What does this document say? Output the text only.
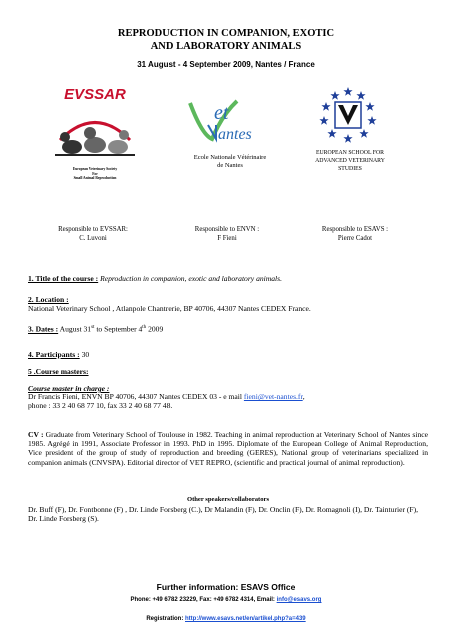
REPRODUCTION IN COMPANION, EXOTIC
AND LABORATORY ANIMALS
31 August - 4 September 2009, Nantes / France
EVSSAR
European Veterinary Society
For
Small Animal Reproduction
et
antes
Ecole Nationale Vétérinaire
de Nantes
EUROPEAN SCHOOL FOR
ADVANCED VETERINARY
STUDIES
Responsible to EVSSAR:
C. Luvoni
Responsible to ENVN :
F Fieni
Responsible to ESAVS :
Pierre Cadot
1. Title of the course : Reproduction in companion, exotic and laboratory animals.
2. Location :
National Veterinary School , Atlanpole Chantrerie, BP 40706, 44307 Nantes CEDEX France.
3. Dates : August 31st to September 4th 2009
4. Participants : 30
5 .Course masters:
Course master in charge :
Dr Francis Fieni, ENVN BP 40706, 44307 Nantes CEDEX 03 - e mail fieni@vet-nantes.fr,
phone : 33 2 40 68 77 10, fax 33 2 40 68 77 48.
CV : Graduate from Veterinary School of Toulouse in 1982. Teaching in animal reproduction at Veterinary School of Nantes since 1985. Agrégé in 1991, Associate Professor in 1993. PhD in 1995. Diplomate of the European College of Animal Reproduction, Vice president of the group of study of reproduction and breeding (GERES), National group of veterinarians specialized in companion animals (CNVSPA). Editorial director of VET REPRO, (scientific and practical journal of animal reproduction).
Other speakers/collaborators
Dr. Buff (F), Dr. Fontbonne (F) , Dr. Linde Forsberg (C.), Dr Malandin (F), Dr. Onclin (F), Dr. Romagnoli (I), Dr. Tainturier (F), Dr. Linde Forsberg (S).
Further information: ESAVS Office
Phone: +49 6782 23229, Fax: +49 6782 4314, Email: info@esavs.org
Registration: http://www.esavs.net/en/artikel.php?a=439
